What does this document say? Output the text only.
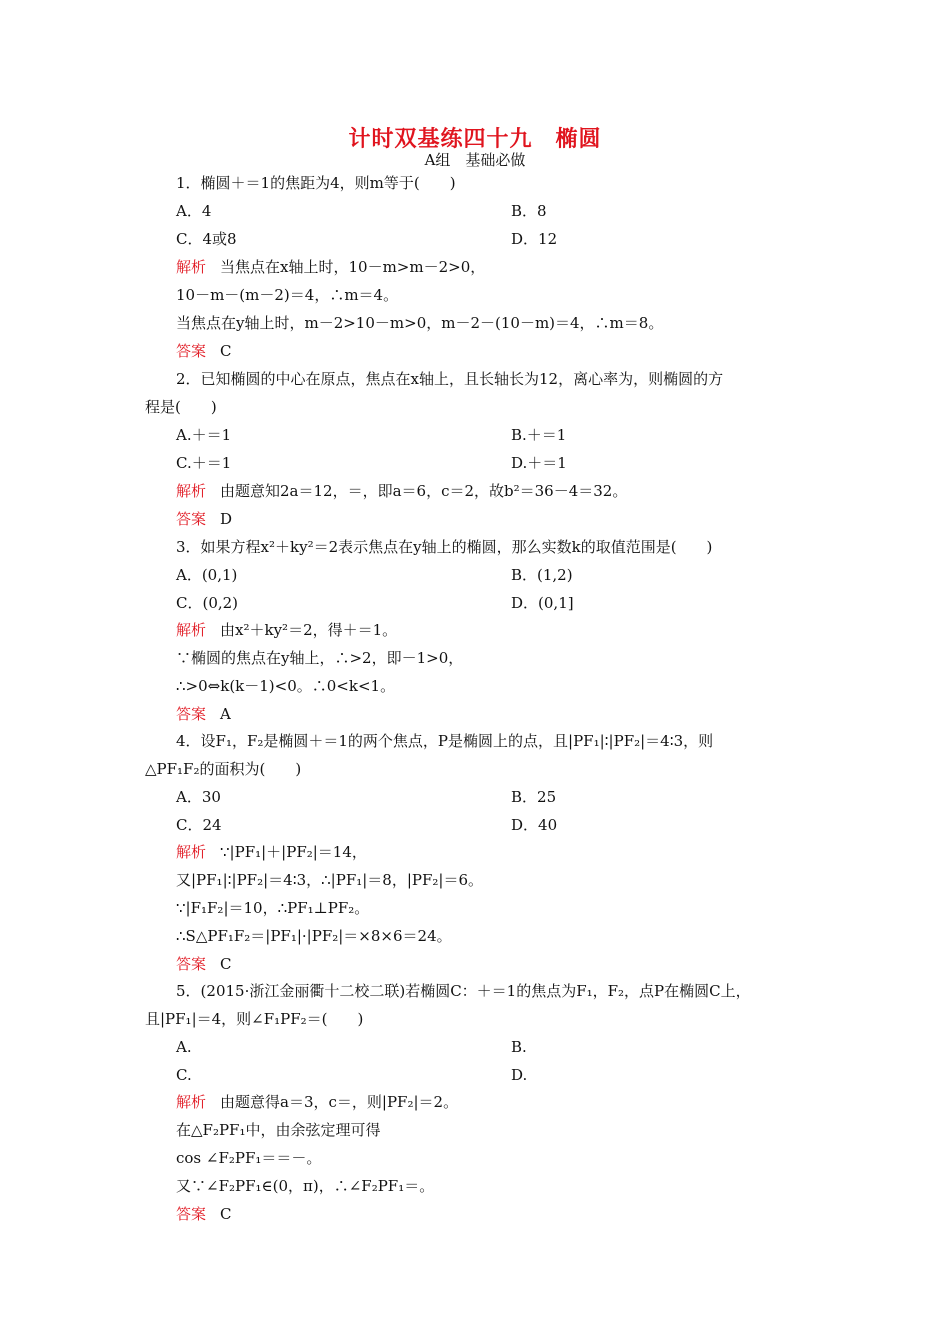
计时双基练四十九　椭圆
A组　基础必做
1．椭圆＋＝1的焦距为4，则m等于(　　)
A．4	B．8
C．4或8	D．12
解析 当焦点在x轴上时，10－m>m－2>0，
10－m－(m－2)＝4，∴m＝4。
当焦点在y轴上时，m－2>10－m>0，m－2－(10－m)＝4，∴m＝8。
答案 C
2．已知椭圆的中心在原点，焦点在x轴上，且长轴长为12，离心率为，则椭圆的方
程是(　　)
A.＋＝1	B.＋＝1
C.＋＝1	D.＋＝1
解析 由题意知2a＝12，＝，即a＝6，c＝2，故b²＝36－4＝32。
答案 D
3．如果方程x²＋ky²＝2表示焦点在y轴上的椭圆，那么实数k的取值范围是(　　)
A．(0,1)	B．(1,2)
C．(0,2)	D．(0,1]
解析 由x²＋ky²＝2，得＋＝1。
∵椭圆的焦点在y轴上，∴>2，即－1>0，
∴>0⇔k(k－1)<0。∴0<k<1。
答案 A
4．设F₁，F₂是椭圆＋＝1的两个焦点，P是椭圆上的点，且|PF₁|∶|PF₂|＝4∶3，则
△PF₁F₂的面积为(　　)
A．30	B．25
C．24	D．40
解析 ∵|PF₁|＋|PF₂|＝14，
又|PF₁|∶|PF₂|＝4∶3，∴|PF₁|＝8，|PF₂|＝6。
∵|F₁F₂|＝10，∴PF₁⊥PF₂。
∴S△PF₁F₂＝|PF₁|·|PF₂|＝×8×6＝24。
答案 C
5．(2015·浙江金丽衢十二校二联)若椭圆C：＋＝1的焦点为F₁，F₂，点P在椭圆C上，
且|PF₁|＝4，则∠F₁PF₂＝(　　)
A.	B.
C.	D.
解析 由题意得a＝3，c＝，则|PF₂|＝2。
在△F₂PF₁中，由余弦定理可得
cos ∠F₂PF₁＝＝－。
又∵∠F₂PF₁∈(0，π)，∴∠F₂PF₁＝。
答案 C
